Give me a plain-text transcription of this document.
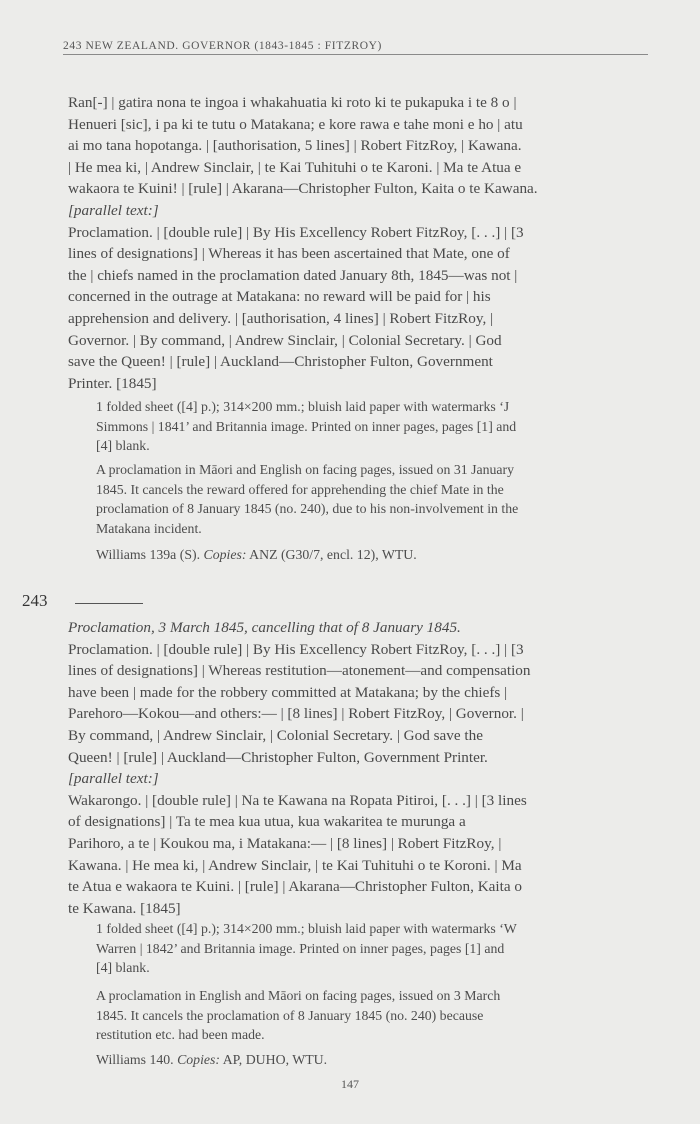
243 NEW ZEALAND. GOVERNOR (1843-1845 : FITZROY)

Ran[-] | gatira nona te ingoa i whakahuatia ki roto ki te pukapuka i te 8 o |

Henueri [sic], i pa ki te tutu o Matakana; e kore rawa e tahe moni e ho | atu

ai mo tana hopotanga. | [authorisation, 5 lines] | Robert FitzRoy, | Kawana.

| He mea ki, | Andrew Sinclair, | te Kai Tuhituhi o te Karoni. | Ma te Atua e

wakaora te Kuini! | [rule] | Akarana—Christopher Fulton, Kaita o te Kawana.

[parallel text:]

Proclamation. | [double rule] | By His Excellency Robert FitzRoy, [. . .] | [3

lines of designations] | Whereas it has been ascertained that Mate, one of

the | chiefs named in the proclamation dated January 8th, 1845—was not |

concerned in the outrage at Matakana: no reward will be paid for | his

apprehension and delivery. | [authorisation, 4 lines] | Robert FitzRoy, |

Governor. | By command, | Andrew Sinclair, | Colonial Secretary. | God

save the Queen! | [rule] | Auckland—Christopher Fulton, Government

Printer. [1845]

1 folded sheet ([4] p.); 314×200 mm.; bluish laid paper with watermarks ‘J

Simmons | 1841’ and Britannia image. Printed on inner pages, pages [1] and

[4] blank.

A proclamation in Māori and English on facing pages, issued on 31 January

1845. It cancels the reward offered for apprehending the chief Mate in the

proclamation of 8 January 1845 (no. 240), due to his non-involvement in the

Matakana incident.

Williams 139a (S). Copies: ANZ (G30/7, encl. 12), WTU.

243

Proclamation, 3 March 1845, cancelling that of 8 January 1845.

Proclamation. | [double rule] | By His Excellency Robert FitzRoy, [. . .] | [3

lines of designations] | Whereas restitution—atonement—and compensation

have been | made for the robbery committed at Matakana; by the chiefs |

Parehoro—Kokou—and others:— | [8 lines] | Robert FitzRoy, | Governor. |

By command, | Andrew Sinclair, | Colonial Secretary. | God save the

Queen! | [rule] | Auckland—Christopher Fulton, Government Printer.

[parallel text:]

Wakarongo. | [double rule] | Na te Kawana na Ropata Pitiroi, [. . .] | [3 lines

of designations] | Ta te mea kua utua, kua wakaritea te murunga a

Parihoro, a te | Koukou ma, i Matakana:— | [8 lines] | Robert FitzRoy, |

Kawana. | He mea ki, | Andrew Sinclair, | te Kai Tuhituhi o te Koroni. | Ma

te Atua e wakaora te Kuini. | [rule] | Akarana—Christopher Fulton, Kaita o

te Kawana. [1845]

1 folded sheet ([4] p.); 314×200 mm.; bluish laid paper with watermarks ‘W

Warren | 1842’ and Britannia image. Printed on inner pages, pages [1] and

[4] blank.

A proclamation in English and Māori on facing pages, issued on 3 March

1845. It cancels the proclamation of 8 January 1845 (no. 240) because

restitution etc. had been made.

Williams 140. Copies: AP, DUHO, WTU.

147
